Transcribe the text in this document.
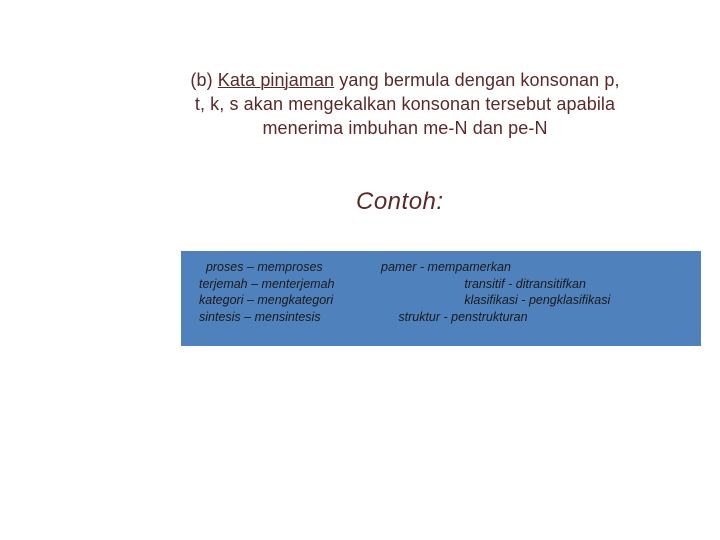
(b) Kata pinjaman yang bermula dengan konsonan p,
t, k, s akan mengekalkan konsonan tersebut apabila
menerima imbuhan me-N dan pe-N
Contoh:
proses – memproses
terjemah – menterjemah
kategori – mengkategori
sintesis – mensintesis
pamer - mempamerkan
transitif - ditransitifkan
klasifikasi - pengklasifikasi
struktur - penstrukturan
